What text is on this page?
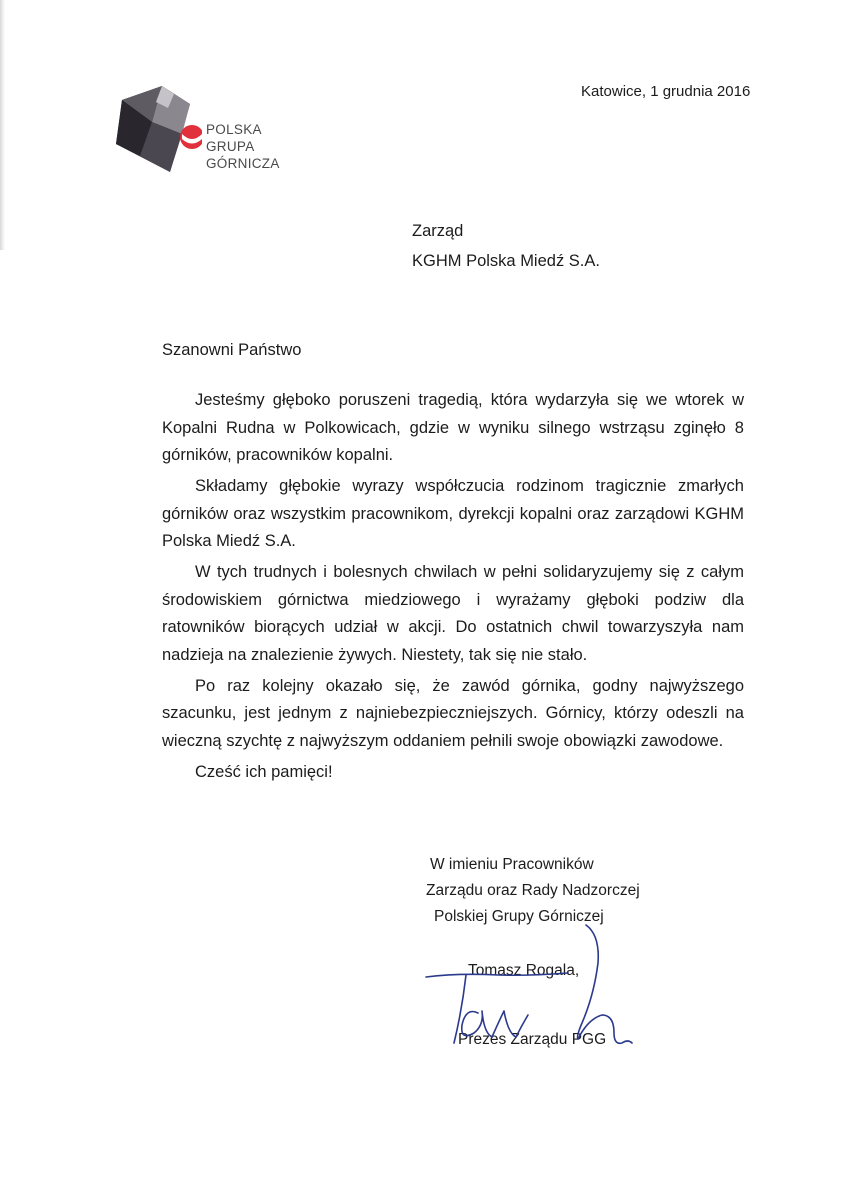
POLSKA GRUPA
GÓRNICZA
Katowice, 1 grudnia 2016
Zarząd
KGHM Polska Miedź S.A.
Szanowni Państwo

  Jesteśmy głęboko poruszeni tragedią, która wydarzyła się we wtorek w Kopalni Rudna w Polkowicach, gdzie w wyniku silnego wstrząsu zginęło 8 górników, pracowników kopalni.

  Składamy głębokie wyrazy współczucia rodzinom tragicznie zmarłych górników oraz wszystkim pracownikom, dyrekcji kopalni oraz zarządowi KGHM Polska Miedź S.A.

  W tych trudnych i bolesnych chwilach w pełni solidaryzujemy się z całym środowiskiem górnictwa miedziowego i wyrażamy głęboki podziw dla ratowników biorących udział w akcji. Do ostatnich chwil towarzyszyła nam nadzieja na znalezienie żywych. Niestety, tak się nie stało.

  Po raz kolejny okazało się, że zawód górnika, godny najwyższego szacunku, jest jednym z najniebezpieczniejszych. Górnicy, którzy odeszli na wieczną szychtę z najwyższym oddaniem pełnili swoje obowiązki zawodowe.

  Cześć ich pamięci!

W imieniu Pracowników
Zarządu oraz Rady Nadzorczej
Polskiej Grupy Górniczej
Tomasz Rogala,
Prezes Zarządu PGG
